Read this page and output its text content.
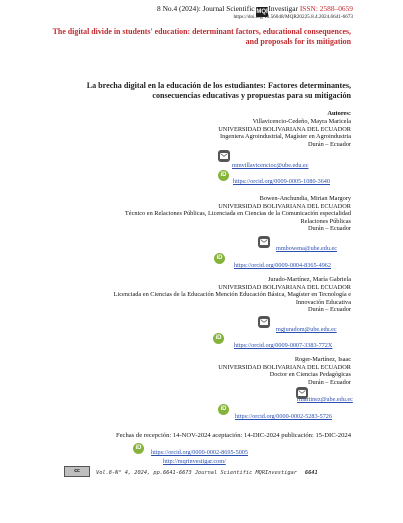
8 No.4 (2024): Journal Scientific MQRInvestigar ISSN: 2588–0659
https://doi.org/10.56048/MQR20225.8.4.2024.6641-6673
The digital divide in students' education: determinant factors, educational consequences, and proposals for its mitigation
La brecha digital en la educación de los estudiantes: Factores determinantes, consecuencias educativas y propuestas para su mitigación
Autores:
Villavicencio-Cedeño, Mayra Maricela
UNIVERSIDAD BOLIVARIANA DEL ECUADOR
Ingeniera Agroindustrial, Magíster en Agroindustria
Durán – Ecuador
mmvillavicencioc@ube.edu.ec
iD
https://orcid.org/0009-0005-1080-3640
Bowen-Anchundia, Mirian Margory
UNIVERSIDAD BOLIVARIANA DEL ECUADOR
Técnico en Relaciones Públicas, Licenciada en Ciencias de la Comunicación especialidad
Relaciones Públicas
Durán – Ecuador
mmbowena@ube.edu.ec
iD
https://orcid.org/0009-0004-8365-4962
Jurado-Martínez, María Gabriela
UNIVERSIDAD BOLIVARIANA DEL ECUADOR
Licenciada en Ciencias de la Educación Mención Educación Básica, Magíster en Tecnología e
Innovación Educativa
Durán – Ecuador
mgjuradom@ube.edu.ec
iD
https://orcid.org/0009-0007-3383-772X
Roger-Martínez, Isaac
UNIVERSIDAD BOLIVARIANA DEL ECUADOR
Doctor en Ciencias Pedagógicas
Durán – Ecuador
rmartinez@ube.edu.ec
iD
https://orcid.org/0000-0002-5283-5726
Fechas de recepción: 14-NOV-2024 aceptación: 14-DIC-2024 publicación: 15-DIC-2024
iD
https://orcid.org/0000-0002-8695-5005
http://mqrinvestigar.com/
cc	Vol.8-N° 4, 2024, pp.6641-6673 Journal Scientific MQRInvestigar 6641
